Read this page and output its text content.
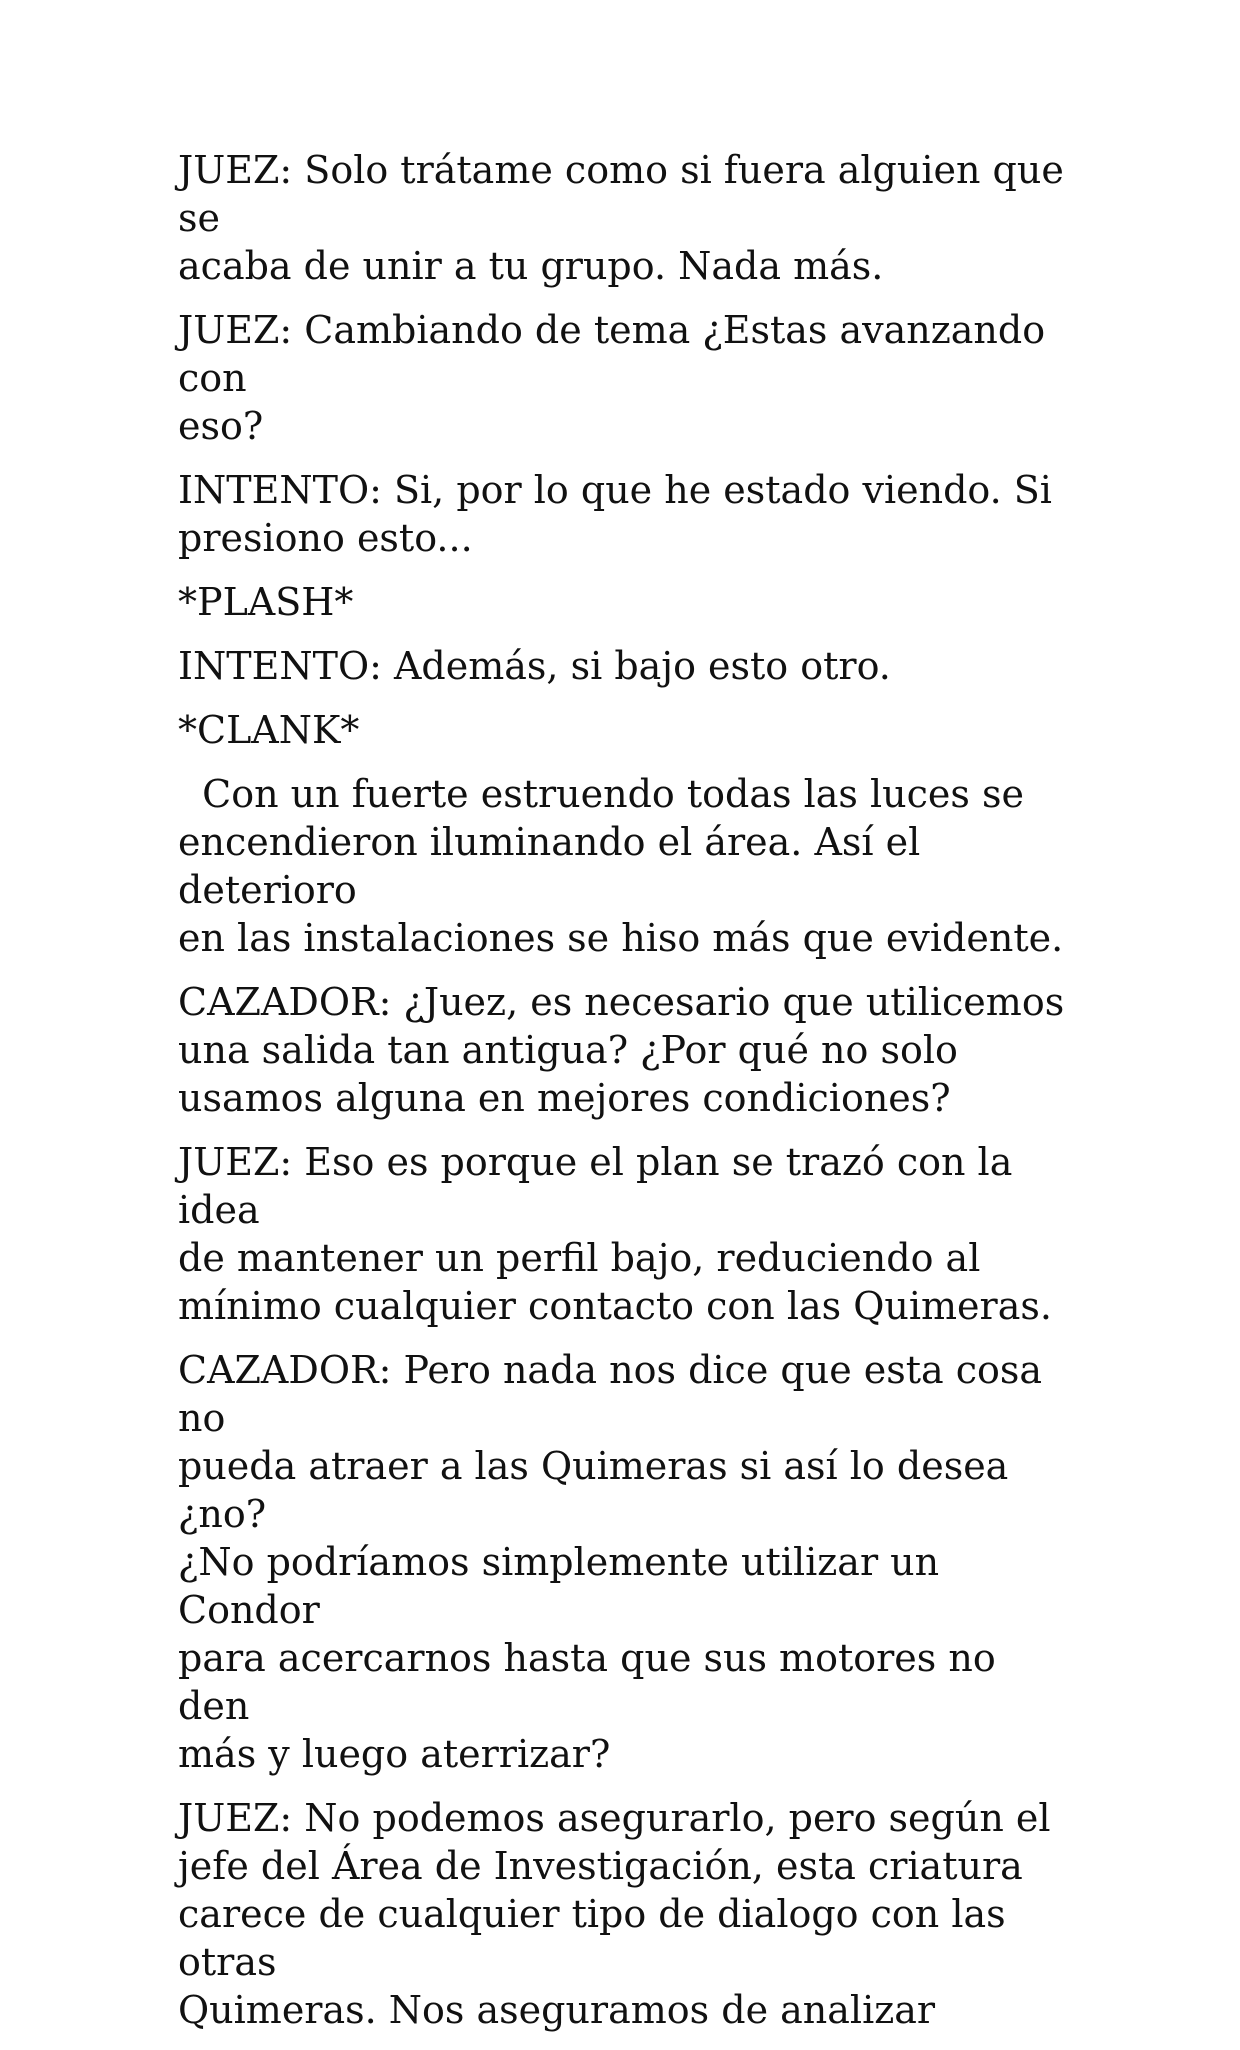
JUEZ: Solo trátame como si fuera alguien que se
acaba de unir a tu grupo. Nada más.

JUEZ: Cambiando de tema ¿Estas avanzando con
eso?

INTENTO: Si, por lo que he estado viendo. Si
presiono esto...

*PLASH*

INTENTO: Además, si bajo esto otro.

*CLANK*

Con un fuerte estruendo todas las luces se
encendieron iluminando el área. Así el deterioro
en las instalaciones se hiso más que evidente.

CAZADOR: ¿Juez, es necesario que utilicemos
una salida tan antigua? ¿Por qué no solo
usamos alguna en mejores condiciones?

JUEZ: Eso es porque el plan se trazó con la idea
de mantener un perfil bajo, reduciendo al
mínimo cualquier contacto con las Quimeras.

CAZADOR: Pero nada nos dice que esta cosa no
pueda atraer a las Quimeras si así lo desea ¿no?
¿No podríamos simplemente utilizar un Condor
para acercarnos hasta que sus motores no den
más y luego aterrizar?

JUEZ: No podemos asegurarlo, pero según el
jefe del Área de Investigación, esta criatura
carece de cualquier tipo de dialogo con las otras
Quimeras. Nos aseguramos de analizar
